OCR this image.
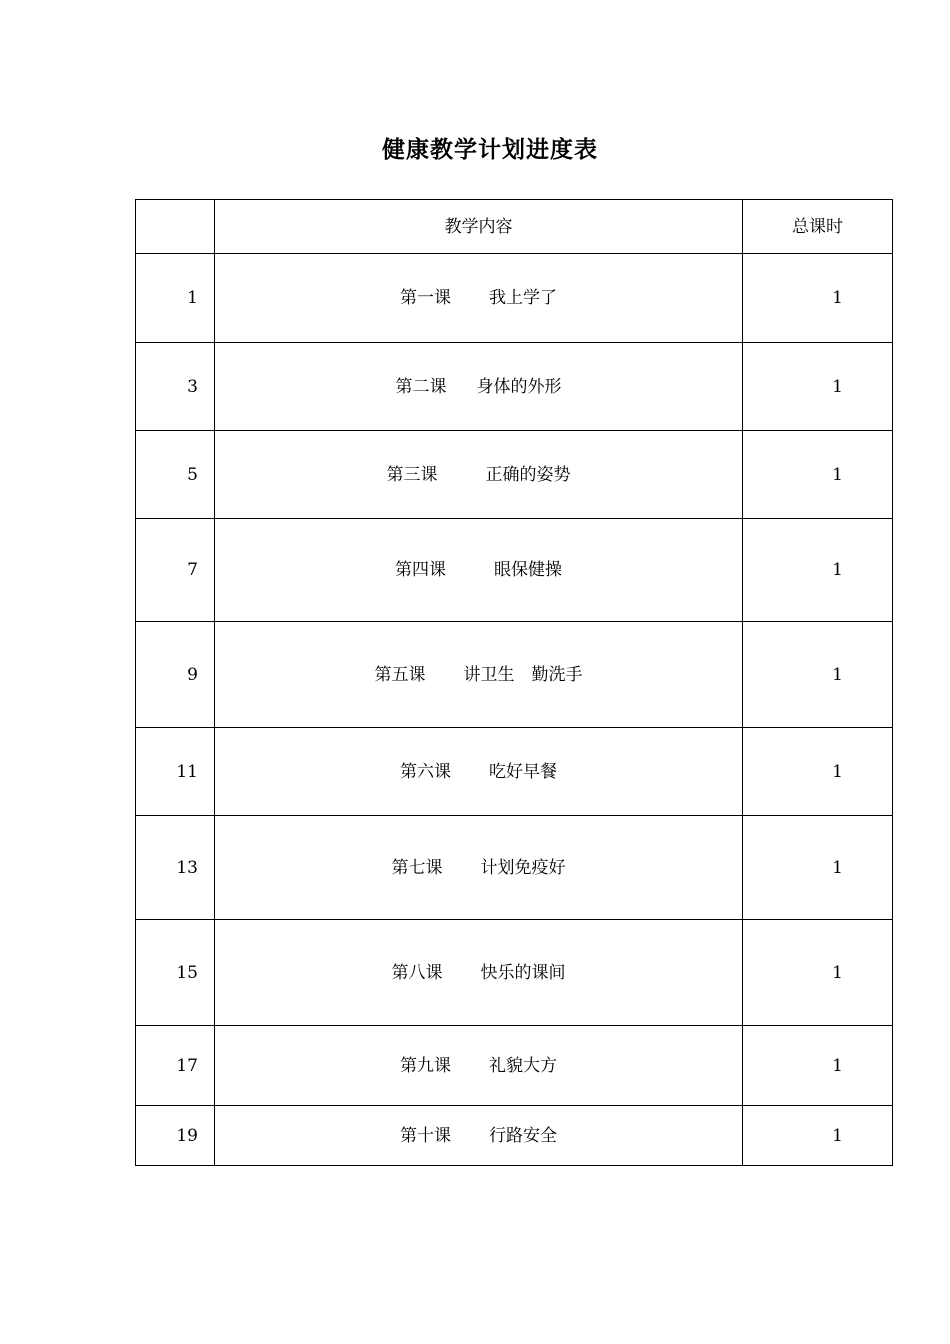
健康教学计划进度表
	教学内容	总课时
1	第一课 我上学了	1
3	第二课 身体的外形	1
5	第三课 正确的姿势	1
7	第四课 眼保健操	1
9	第五课 讲卫生　勤洗手	1
11	第六课 吃好早餐	1
13	第七课 计划免疫好	1
15	第八课 快乐的课间	1
17	第九课 礼貌大方	1
19	第十课 行路安全	1
